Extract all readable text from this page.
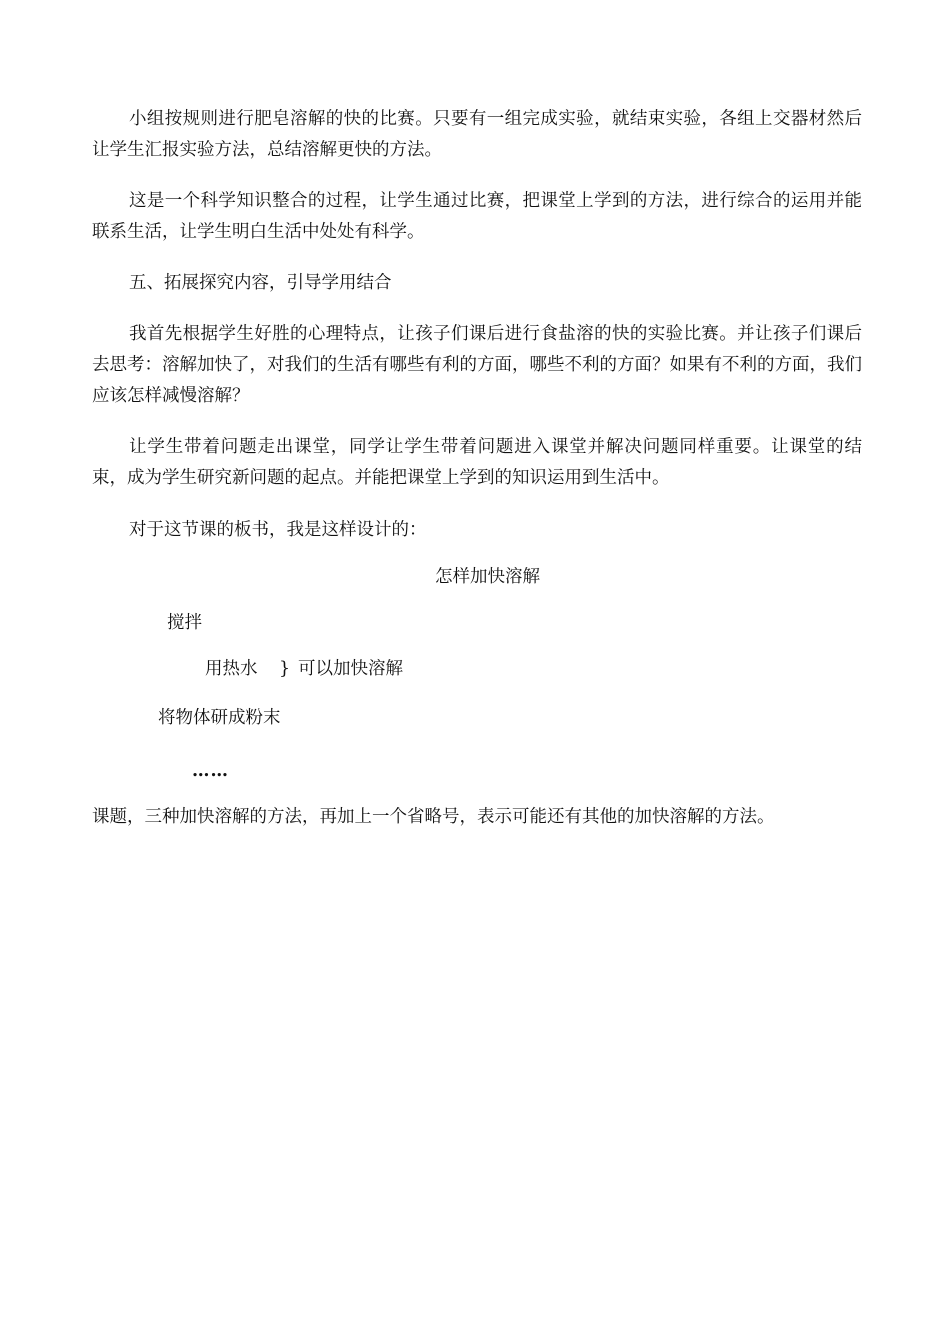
小组按规则进行肥皂溶解的快的比赛。只要有一组完成实验，就结束实验，各组上交器材然后让学生汇报实验方法，总结溶解更快的方法。

这是一个科学知识整合的过程，让学生通过比赛，把课堂上学到的方法，进行综合的运用并能联系生活，让学生明白生活中处处有科学。

五、拓展探究内容，引导学用结合

我首先根据学生好胜的心理特点，让孩子们课后进行食盐溶的快的实验比赛。并让孩子们课后去思考：溶解加快了，对我们的生活有哪些有利的方面，哪些不利的方面？如果有不利的方面，我们应该怎样减慢溶解？

让学生带着问题走出课堂，同学让学生带着问题进入课堂并解决问题同样重要。让课堂的结束，成为学生研究新问题的起点。并能把课堂上学到的知识运用到生活中。

对于这节课的板书，我是这样设计的：

怎样加快溶解

搅拌

用热水 } 可以加快溶解

将物体研成粉末

……

课题，三种加快溶解的方法，再加上一个省略号，表示可能还有其他的加快溶解的方法。
